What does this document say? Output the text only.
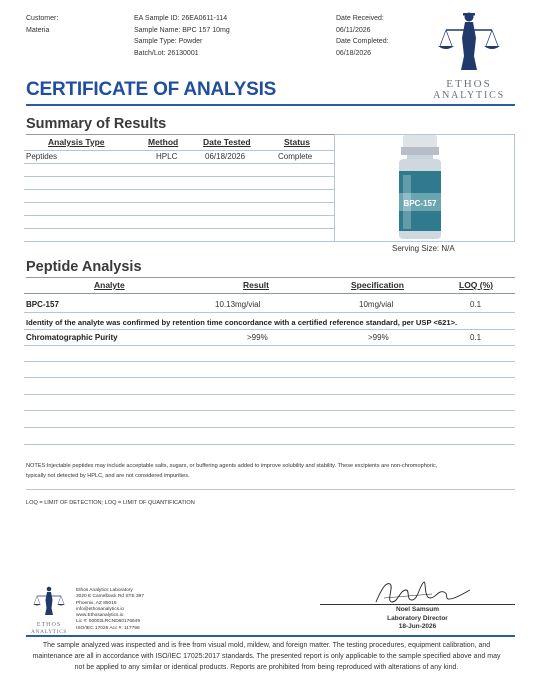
Customer:
Materia
EA Sample ID: 26EA0611-114
Sample Name: BPC 157 10mg
Sample Type: Powder
Batch/Lot: 26130001
Date Received:
06/11/2026
Date Completed:
06/18/2026
ETHOS
ANALYTICS
CERTIFICATE OF ANALYSIS
Summary of Results
Analysis Type	Method	Date Tested	Status
Peptides	HPLC	06/18/2026	Complete
BPC-157
Serving Size: N/A
Peptide Analysis
Analyte	Result	Specification	LOQ (%)
BPC-157	10.13mg/vial	10mg/vial	0.1
Identity of the analyte was confirmed by retention time concordance with a certified reference standard, per USP <621>.
Chromatographic Purity	>99%	>99%	0.1
NOTES:Injectable peptides may include acceptable salts, sugars, or buffering agents added to improve solubility and stability. These excipients are non-chromophoric,
typically not detected by HPLC, and are not considered impurities.
LOQ = LIMIT OF DETECTION; LOQ = LIMIT OF QUANTIFICATION
ETHOS
ANALYTICS
Ethos Analytics Laboratory
3020 E Camelback Rd STE 397
Phoenix, AZ 85016
info@ethosanalytics.io
www.Ethosanalytics.io
Lic #: 00002LRCND60176649
ISO/IEC 17025 Acc #: 117798
Noel Samsum
Laboratory Director
18-Jun-2026
The sample analyzed was inspected and is free from visual mold, mildew, and foreign matter. The testing procedures, equipment calibration, and
maintenance are all in accordance with ISO/IEC 17025:2017 standards. The presented report is only applicable to the sample specified above and may
not be applied to any similar or identical products. Reports are prohibited from being reproduced with alterations of any kind.
